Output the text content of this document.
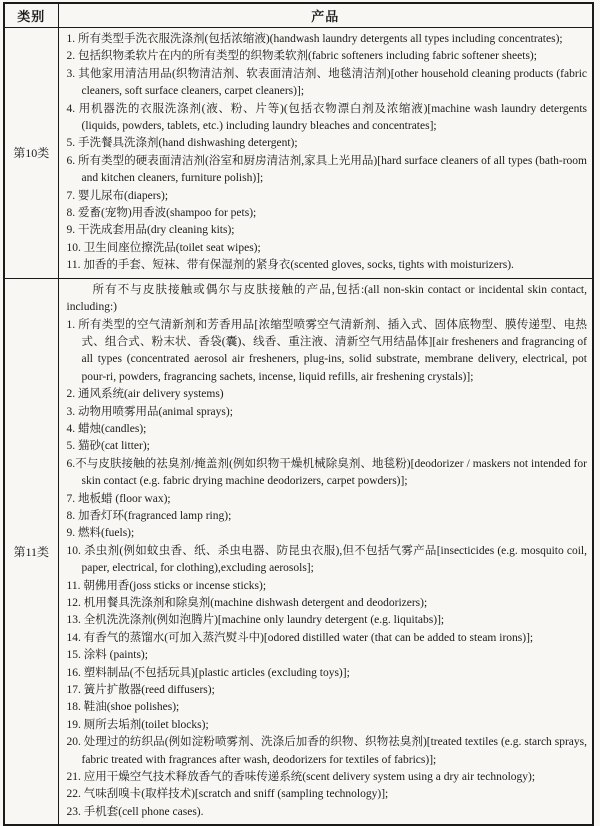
类别	产品
第10类	
1. 所有类型手洗衣服洗涤剂(包括浓缩液)(handwash laundry detergents all types including concentrates);
2. 包括织物柔软片在内的所有类型的织物柔软剂(fabric softeners including fabric softener sheets);
3. 其他家用清洁用品(织物清洁剂、软表面清洁剂、地毯清洁剂)[other household cleaning products (fabric cleaners, soft surface cleaners, carpet cleaners)];
4. 用机器洗的衣服洗涤剂(液、粉、片等)(包括衣物漂白剂及浓缩液)[machine wash laundry detergents (liquids, powders, tablets, etc.) including laundry bleaches and concentrates];
5. 手洗餐具洗涤剂(hand dishwashing detergent);
6. 所有类型的硬表面清洁剂(浴室和厨房清洁剂,家具上光用品)[hard surface cleaners of all types (bath-room and kitchen cleaners, furniture polish)];
7. 婴儿尿布(diapers);
8. 爱畜(宠物)用香波(shampoo for pets);
9. 干洗成套用品(dry cleaning kits);
10. 卫生间座位擦洗品(toilet seat wipes);
11. 加香的手套、短袜、带有保湿剂的紧身衣(scented gloves, socks, tights with moisturizers).

第11类	

所有不与皮肤接触或偶尔与皮肤接触的产品,包括:(all non-skin contact or incidental skin contact, including:)

1. 所有类型的空气清新剂和芳香用品[浓缩型喷雾空气清新剂、插入式、固体底物型、膜传递型、电热式、组合式、粉末状、香袋(囊)、线香、重注液、清新空气用结晶体][air fresheners and fragrancing of all types (concentrated aerosol air fresheners, plug-ins, solid substrate, membrane delivery, electrical, pot pour-ri, powders, fragrancing sachets, incense, liquid refills, air freshening crystals)];
2. 通风系统(air delivery systems)
3. 动物用喷雾用品(animal sprays);
4. 蜡烛(candles);
5. 猫砂(cat litter);
6.不与皮肤接触的祛臭剂/掩盖剂(例如织物干燥机械除臭剂、地毯粉)[deodorizer / maskers not intended for skin contact (e.g. fabric drying machine deodorizers, carpet powders)];
7. 地板蜡 (floor wax);
8. 加香灯环(fragranced lamp ring);
9. 燃料(fuels);
10. 杀虫剂(例如蚊虫香、纸、杀虫电器、防昆虫衣服),但不包括气雾产品[insecticides (e.g. mosquito coil, paper, electrical, for clothing),excluding aerosols];
11. 朝佛用香(joss sticks or incense sticks);
12. 机用餐具洗涤剂和除臭剂(machine dishwash detergent and deodorizers);
13. 全机洗洗涤剂(例如泡腾片)[machine only laundry detergent (e.g. liquitabs)];
14. 有香气的蒸馏水(可加入蒸汽熨斗中)[odored distilled water (that can be added to steam irons)];
15. 涂料 (paints);
16. 塑料制品(不包括玩具)[plastic articles (excluding toys)];
17. 簧片扩散器(reed diffusers);
18. 鞋油(shoe polishes);
19. 厕所去垢剂(toilet blocks);
20. 处理过的纺织品(例如淀粉喷雾剂、洗涤后加香的织物、织物祛臭剂)[treated textiles (e.g. starch sprays, fabric treated with fragrances after wash, deodorizers for textiles of fabrics)];
21. 应用干燥空气技术释放香气的香味传递系统(scent delivery system using a dry air technology);
22. 气味刮嗅卡(取样技术)[scratch and sniff (sampling technology)];
23. 手机套(cell phone cases).
